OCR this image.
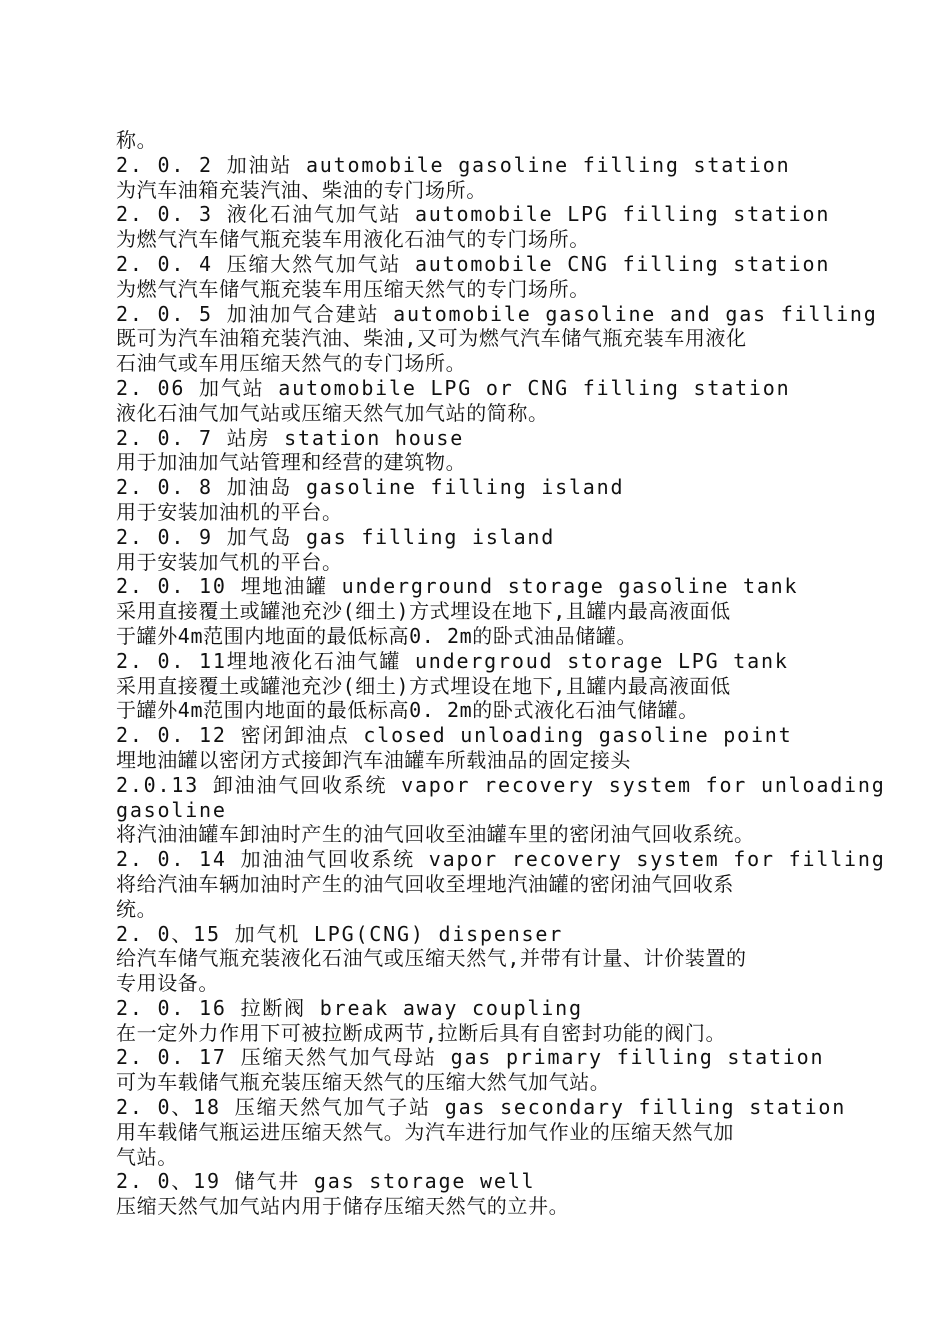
称。
2. 0. 2 加油站 automobile gasoline filling station
为汽车油箱充装汽油、柴油的专门场所。
2. 0. 3 液化石油气加气站 automobile LPG filling station
为燃气汽车储气瓶充装车用液化石油气的专门场所。
2. 0. 4 压缩大然气加气站 automobile CNG filling station
为燃气汽车储气瓶充装车用压缩天然气的专门场所。
2. 0. 5 加油加气合建站 automobile gasoline and gas filling
既可为汽车油箱充装汽油、柴油,又可为燃气汽车储气瓶充装车用液化
石油气或车用压缩天然气的专门场所。
2. 06 加气站 automobile LPG or CNG filling station
液化石油气加气站或压缩天然气加气站的简称。
2. 0. 7 站房 station house
用于加油加气站管理和经营的建筑物。
2. 0. 8 加油岛 gasoline filling island
用于安装加油机的平台。
2. 0. 9 加气岛 gas filling island
用于安装加气机的平台。
2. 0. 10 埋地油罐 underground storage gasoline tank
采用直接覆土或罐池充沙(细土)方式埋设在地下,且罐内最高液面低
于罐外4m范围内地面的最低标高0. 2m的卧式油品储罐。
2. 0. 11埋地液化石油气罐 undergroud storage LPG tank
采用直接覆土或罐池充沙(细土)方式埋设在地下,且罐内最高液面低
于罐外4m范围内地面的最低标高0. 2m的卧式液化石油气储罐。
2. 0. 12 密闭卸油点 closed unloading gasoline point
埋地油罐以密闭方式接卸汽车油罐车所载油品的固定接头
2.0.13 卸油油气回收系统 vapor recovery system for unloading
gasoline
将汽油油罐车卸油时产生的油气回收至油罐车里的密闭油气回收系统。
2. 0. 14 加油油气回收系统 vapor recovery system for filling
将给汽油车辆加油时产生的油气回收至埋地汽油罐的密闭油气回收系
统。
2. 0、15 加气机 LPG(CNG) dispenser
给汽车储气瓶充装液化石油气或压缩天然气,并带有计量、计价装置的
专用设备。
2. 0. 16 拉断阀 break away coupling
在一定外力作用下可被拉断成两节,拉断后具有自密封功能的阀门。
2. 0. 17 压缩天然气加气母站 gas primary filling station
可为车载储气瓶充装压缩天然气的压缩大然气加气站。
2. 0、18 压缩天然气加气子站 gas secondary filling station
用车载储气瓶运进压缩天然气。为汽车进行加气作业的压缩天然气加
气站。
2. 0、19 储气井 gas storage well
压缩天然气加气站内用于储存压缩天然气的立井。
